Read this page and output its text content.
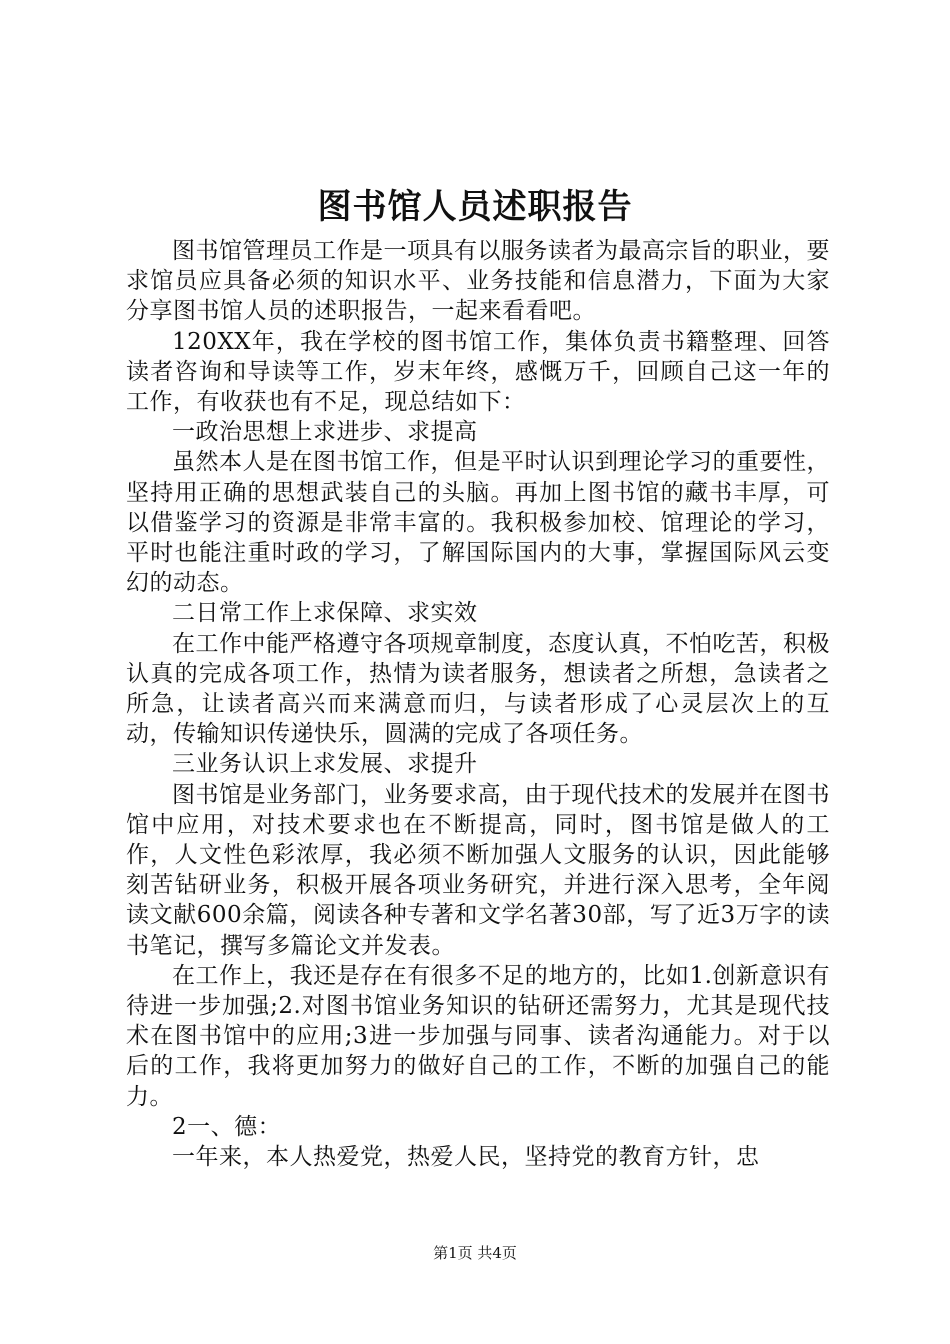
图书馆人员述职报告

图书馆管理员工作是一项具有以服务读者为最高宗旨的职业，要求馆员应具备必须的知识水平、业务技能和信息潜力，下面为大家分享图书馆人员的述职报告，一起来看看吧。

120XX年，我在学校的图书馆工作，集体负责书籍整理、回答读者咨询和导读等工作，岁末年终，感慨万千，回顾自己这一年的工作，有收获也有不足，现总结如下：

一政治思想上求进步、求提高

虽然本人是在图书馆工作，但是平时认识到理论学习的重要性，坚持用正确的思想武装自己的头脑。再加上图书馆的藏书丰厚，可以借鉴学习的资源是非常丰富的。我积极参加校、馆理论的学习，平时也能注重时政的学习，了解国际国内的大事，掌握国际风云变幻的动态。

二日常工作上求保障、求实效

在工作中能严格遵守各项规章制度，态度认真，不怕吃苦，积极认真的完成各项工作，热情为读者服务，想读者之所想，急读者之所急，让读者高兴而来满意而归，与读者形成了心灵层次上的互动，传输知识传递快乐，圆满的完成了各项任务。

三业务认识上求发展、求提升

图书馆是业务部门，业务要求高，由于现代技术的发展并在图书馆中应用，对技术要求也在不断提高，同时，图书馆是做人的工作，人文性色彩浓厚，我必须不断加强人文服务的认识，因此能够刻苦钻研业务，积极开展各项业务研究，并进行深入思考，全年阅读文献600余篇，阅读各种专著和文学名著30部，写了近3万字的读书笔记，撰写多篇论文并发表。

在工作上，我还是存在有很多不足的地方的，比如1.创新意识有待进一步加强;2.对图书馆业务知识的钻研还需努力，尤其是现代技术在图书馆中的应用;3进一步加强与同事、读者沟通能力。对于以后的工作，我将更加努力的做好自己的工作，不断的加强自己的能力。

2一、德：

一年来，本人热爱党，热爱人民，坚持党的教育方针，忠

第1页 共4页
